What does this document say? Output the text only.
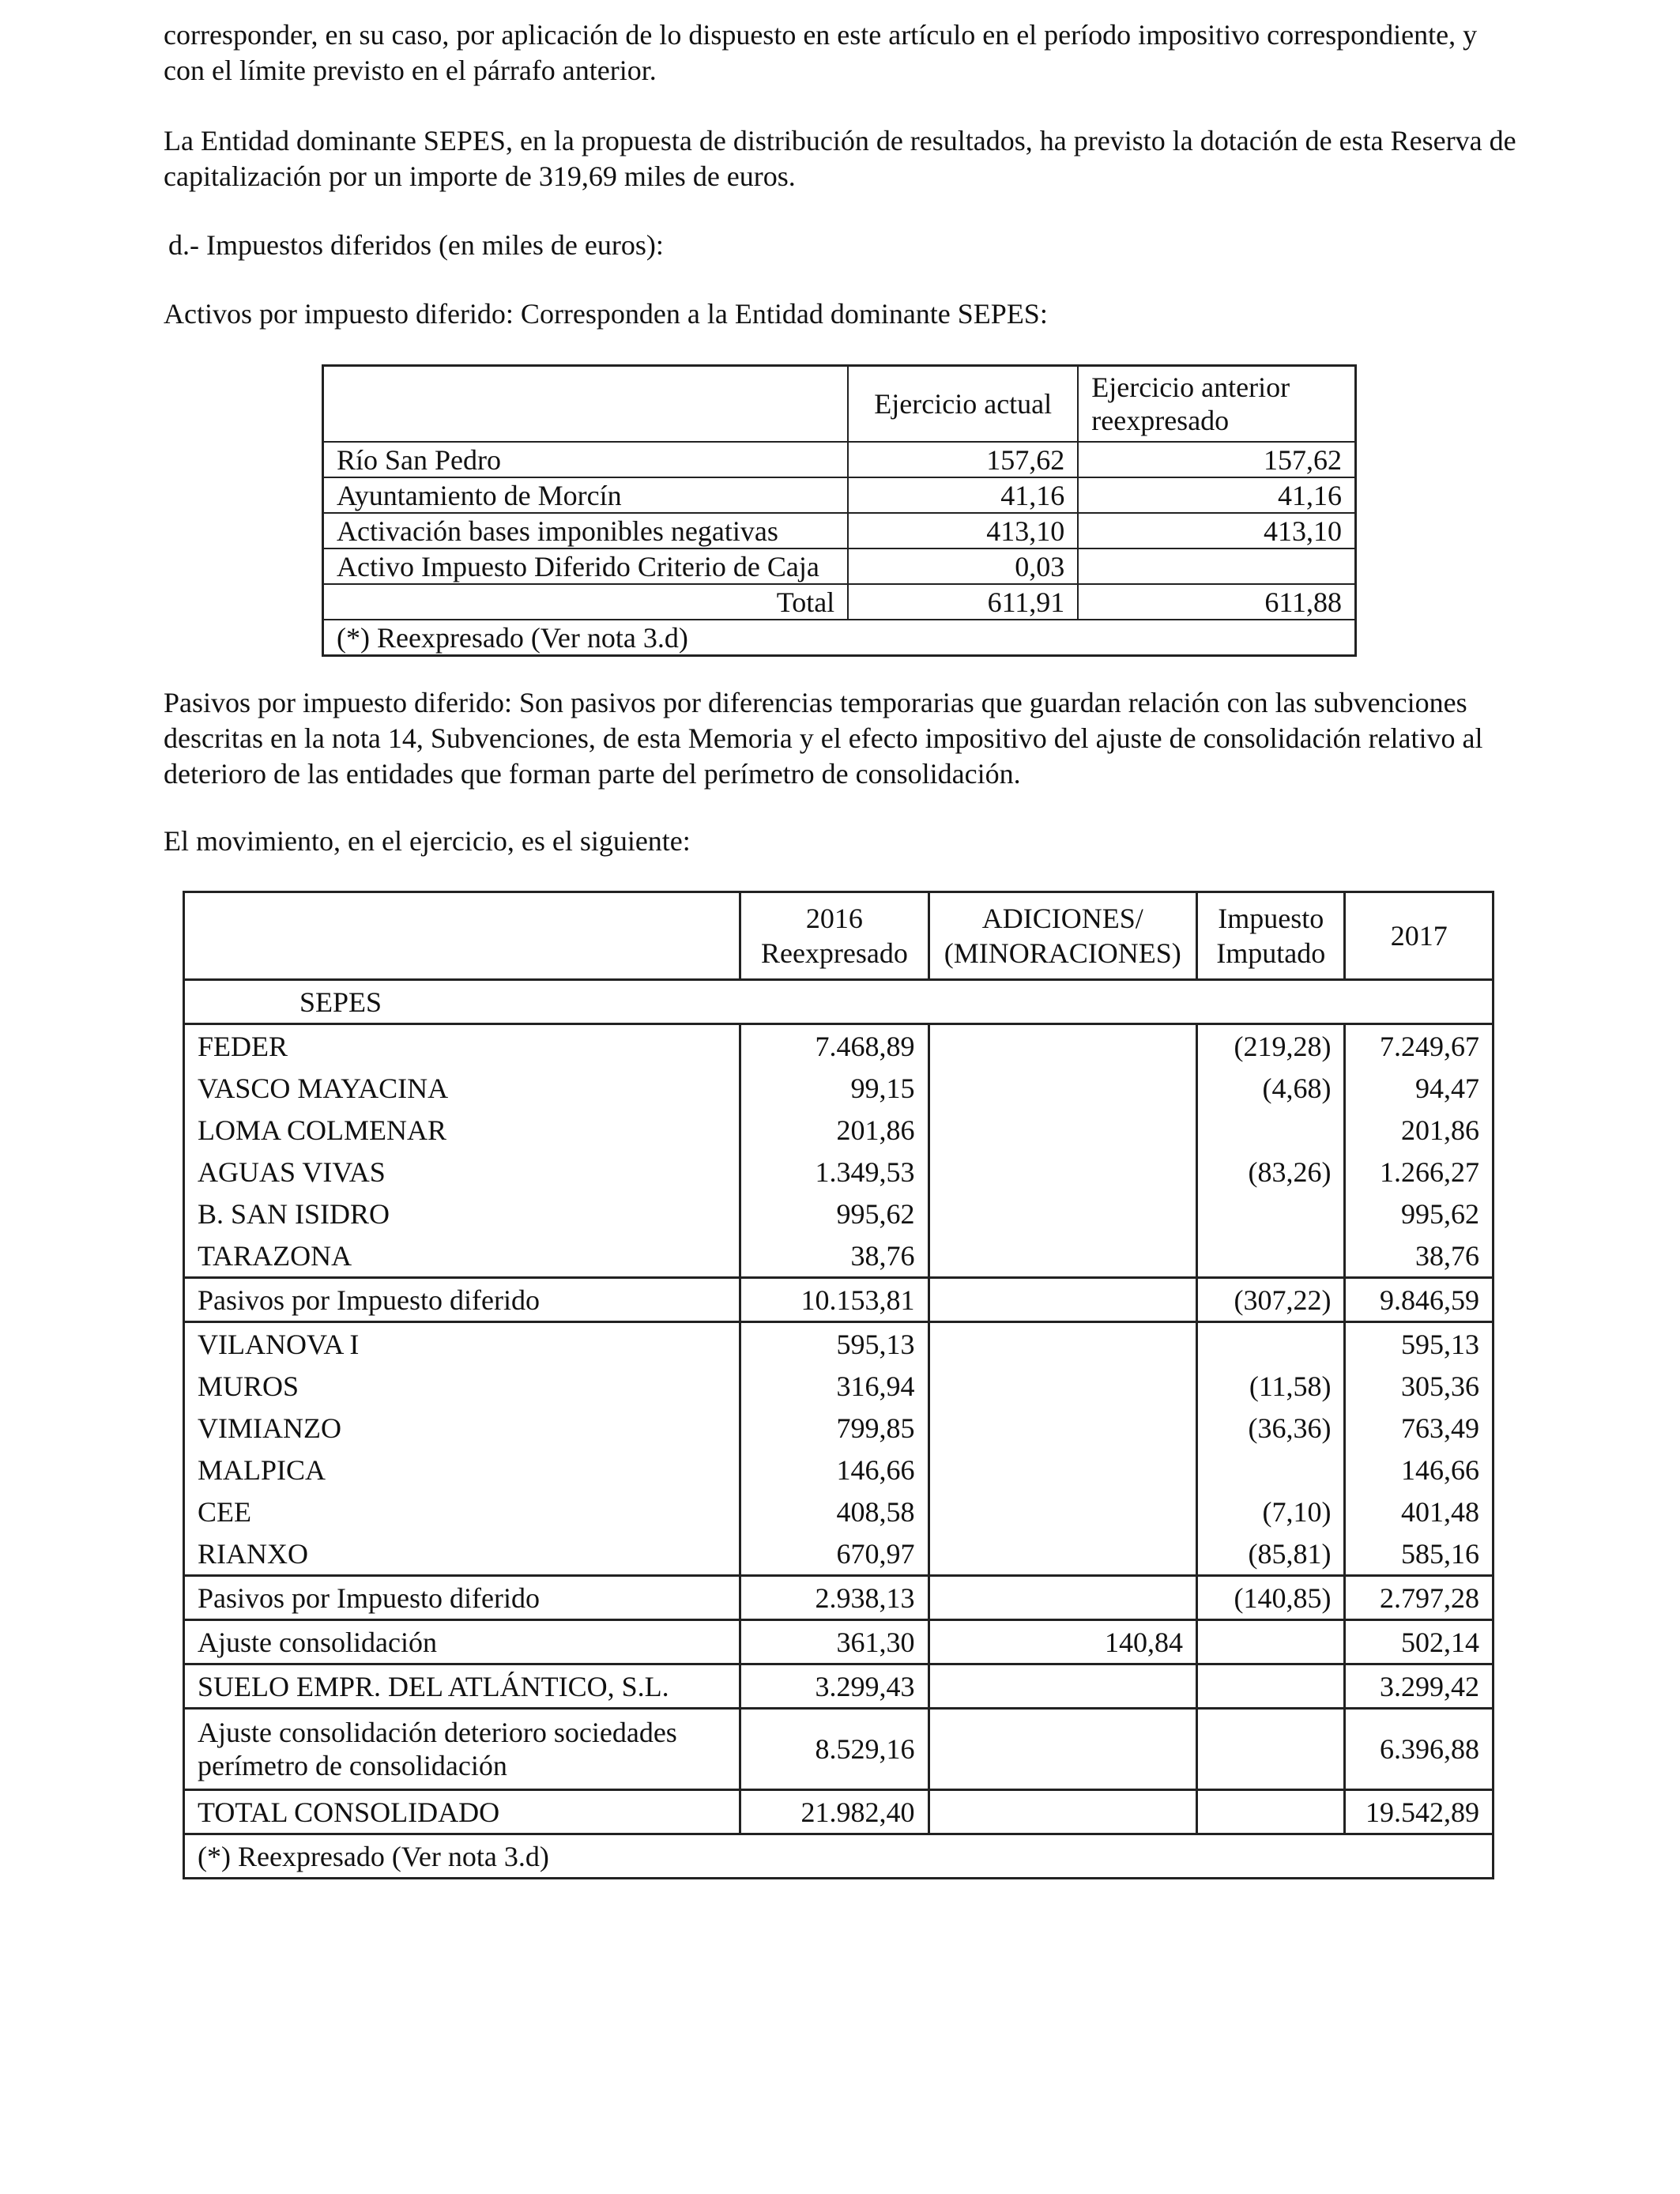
corresponder, en su caso, por aplicación de lo dispuesto en este artículo en el período impositivo correspondiente, y con el límite previsto en el párrafo anterior.

La Entidad dominante SEPES, en la propuesta de distribución de resultados, ha previsto la dotación de esta Reserva de capitalización por un importe de 319,69 miles de euros.

d.- Impuestos diferidos (en miles de euros):

Activos por impuesto diferido: Corresponden a la Entidad dominante SEPES:

	Ejercicio actual	Ejercicio anterior reexpresado
Río San Pedro	157,62	157,62
Ayuntamiento de Morcín	41,16	41,16
Activación bases imponibles negativas	413,10	413,10
Activo Impuesto Diferido Criterio de Caja	0,03	
Total	611,91	611,88
(*) Reexpresado (Ver nota 3.d)		

Pasivos por impuesto diferido: Son pasivos por diferencias temporarias que guardan relación con las subvenciones descritas en la nota 14, Subvenciones, de esta Memoria y el efecto impositivo del ajuste de consolidación relativo al deterioro de las entidades que forman parte del perímetro de consolidación.

El movimiento, en el ejercicio, es el siguiente:

	2016 Reexpresado	ADICIONES/ (MINORACIONES)	Impuesto Imputado	2017
SEPES				
FEDER	7.468,89		(219,28)	7.249,67
VASCO MAYACINA	99,15		(4,68)	94,47
LOMA COLMENAR	201,86			201,86
AGUAS VIVAS	1.349,53		(83,26)	1.266,27
B. SAN ISIDRO	995,62			995,62
TARAZONA	38,76			38,76
Pasivos por Impuesto diferido	10.153,81		(307,22)	9.846,59
VILANOVA I	595,13			595,13
MUROS	316,94		(11,58)	305,36
VIMIANZO	799,85		(36,36)	763,49
MALPICA	146,66			146,66
CEE	408,58		(7,10)	401,48
RIANXO	670,97		(85,81)	585,16
Pasivos por Impuesto diferido	2.938,13		(140,85)	2.797,28
Ajuste consolidación	361,30	140,84		502,14
SUELO EMPR. DEL ATLÁNTICO, S.L.	3.299,43			3.299,42
Ajuste consolidación deterioro sociedades perímetro de consolidación	8.529,16			6.396,88
TOTAL CONSOLIDADO	21.982,40			19.542,89
(*) Reexpresado (Ver nota 3.d)				
